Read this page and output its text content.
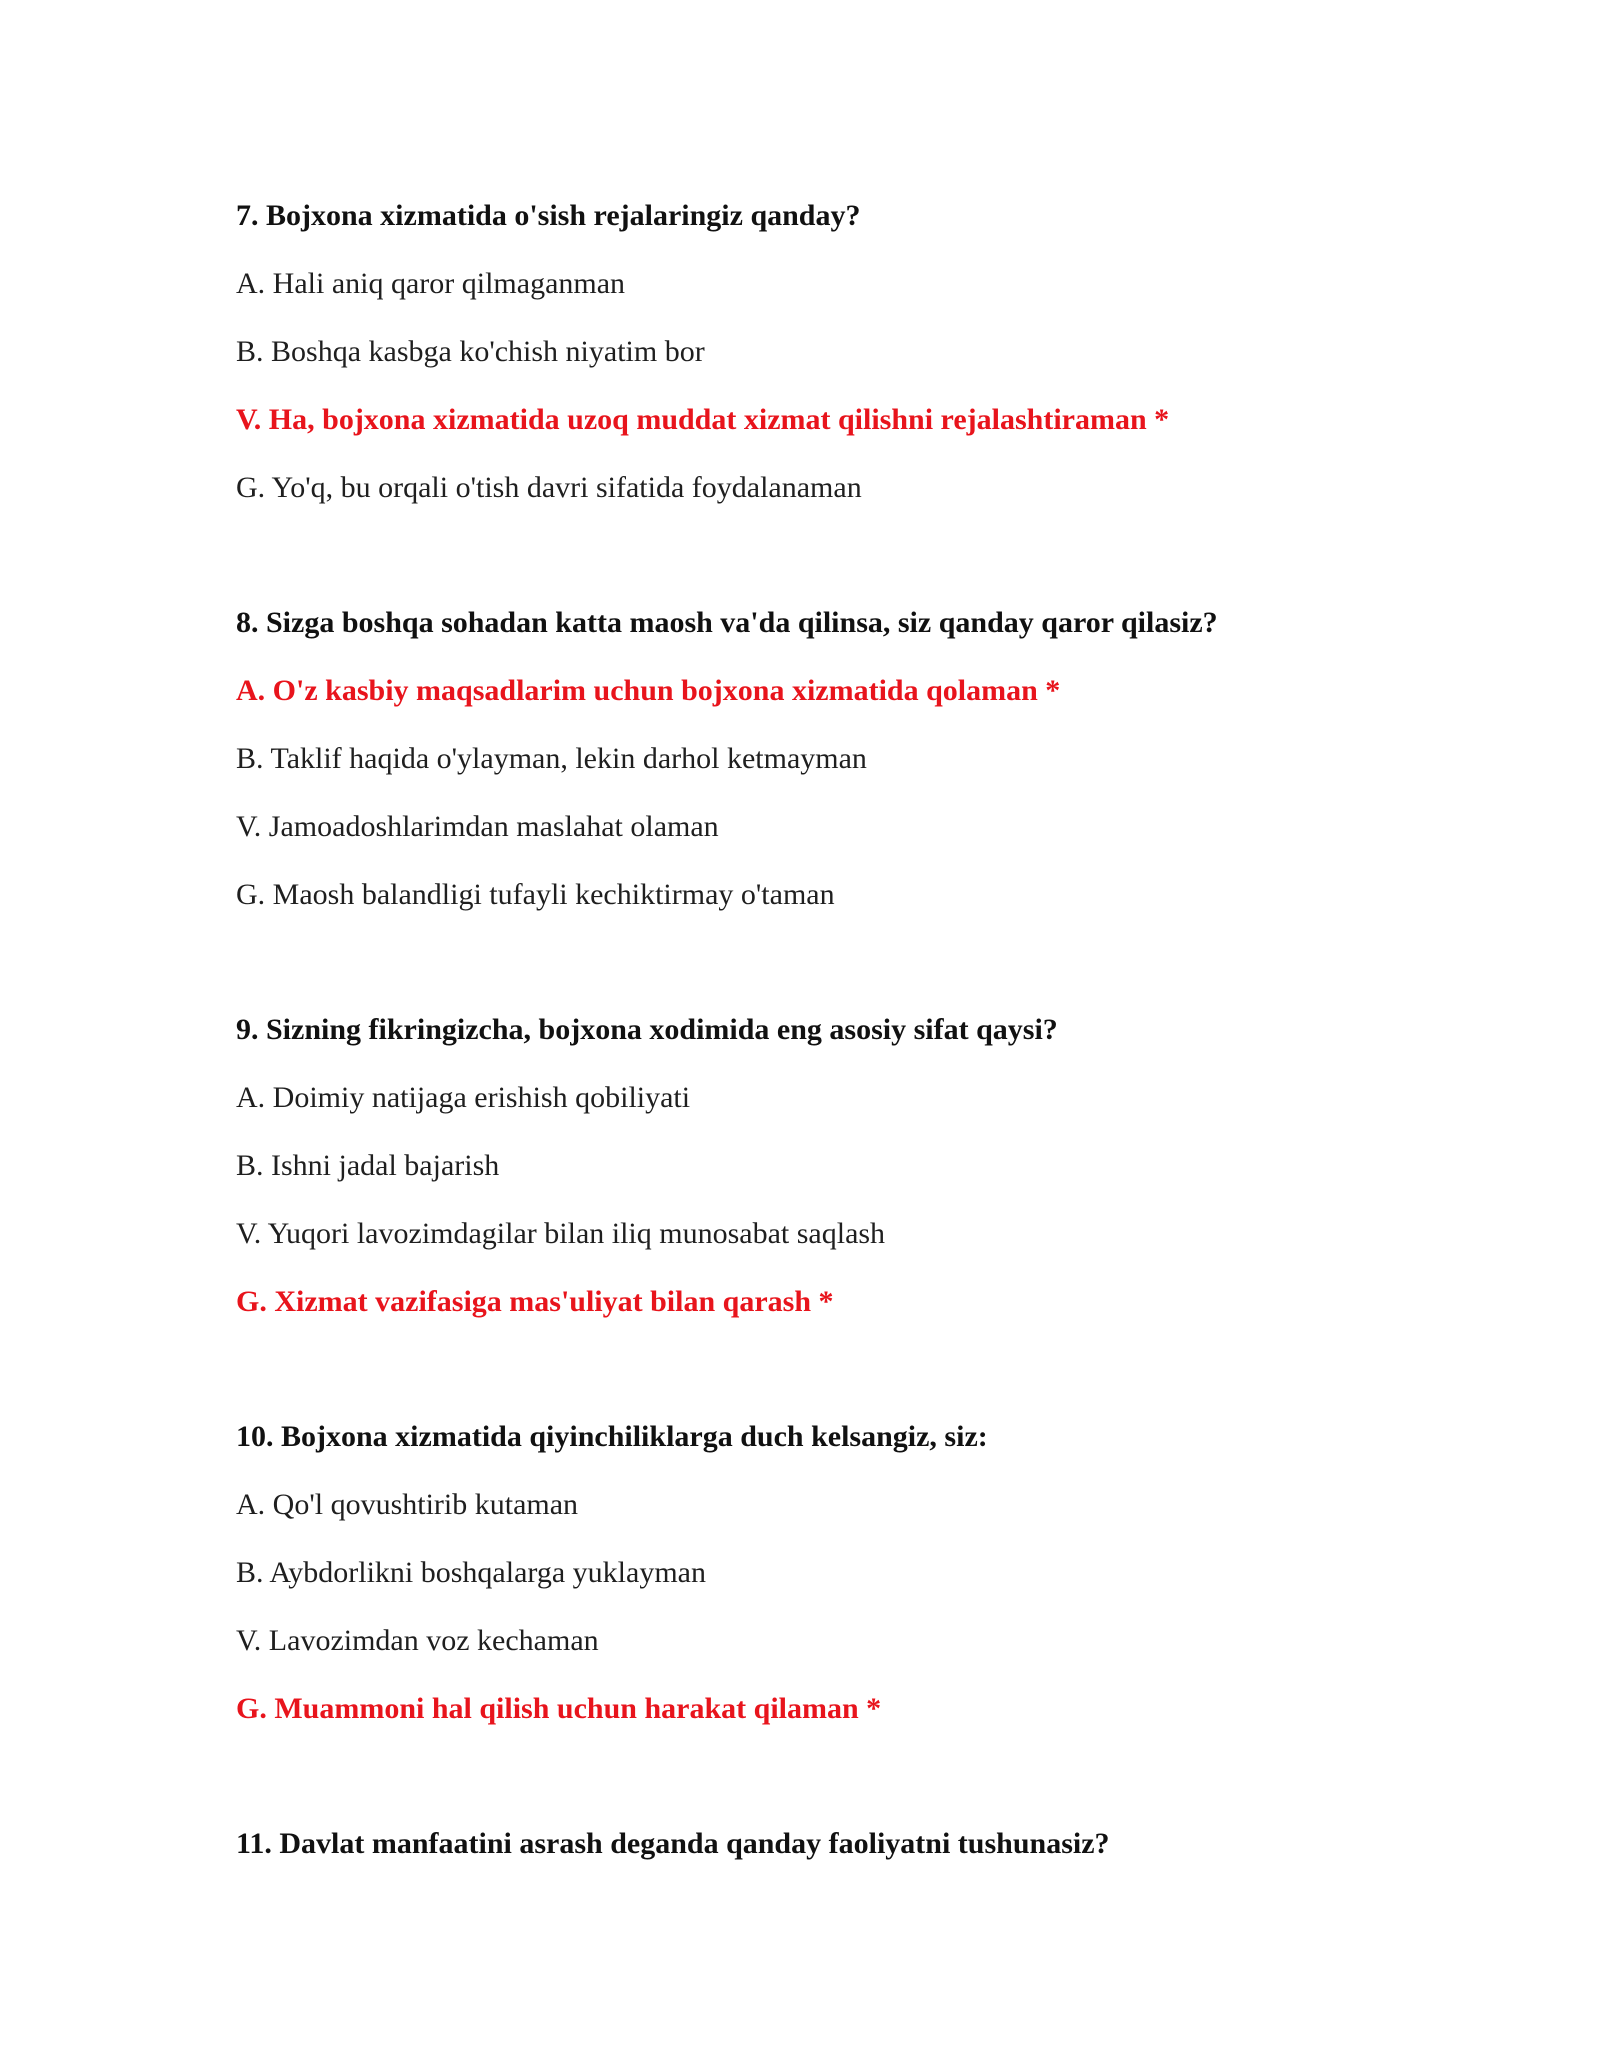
7. Bojxona xizmatida o'sish rejalaringiz qanday?
A. Hali aniq qaror qilmaganman
B. Boshqa kasbga ko'chish niyatim bor
V. Ha, bojxona xizmatida uzoq muddat xizmat qilishni rejalashtiraman *
G. Yo'q, bu orqali o'tish davri sifatida foydalanaman
8. Sizga boshqa sohadan katta maosh va'da qilinsa, siz qanday qaror qilasiz?
A. O'z kasbiy maqsadlarim uchun bojxona xizmatida qolaman *
B. Taklif haqida o'ylayman, lekin darhol ketmayman
V. Jamoadoshlarimdan maslahat olaman
G. Maosh balandligi tufayli kechiktirmay o'taman
9. Sizning fikringizcha, bojxona xodimida eng asosiy sifat qaysi?
A. Doimiy natijaga erishish qobiliyati
B. Ishni jadal bajarish
V. Yuqori lavozimdagilar bilan iliq munosabat saqlash
G. Xizmat vazifasiga mas'uliyat bilan qarash *
10. Bojxona xizmatida qiyinchiliklarga duch kelsangiz, siz:
A. Qo'l qovushtirib kutaman
B. Aybdorlikni boshqalarga yuklayman
V. Lavozimdan voz kechaman
G. Muammoni hal qilish uchun harakat qilaman *
11. Davlat manfaatini asrash deganda qanday faoliyatni tushunasiz?
